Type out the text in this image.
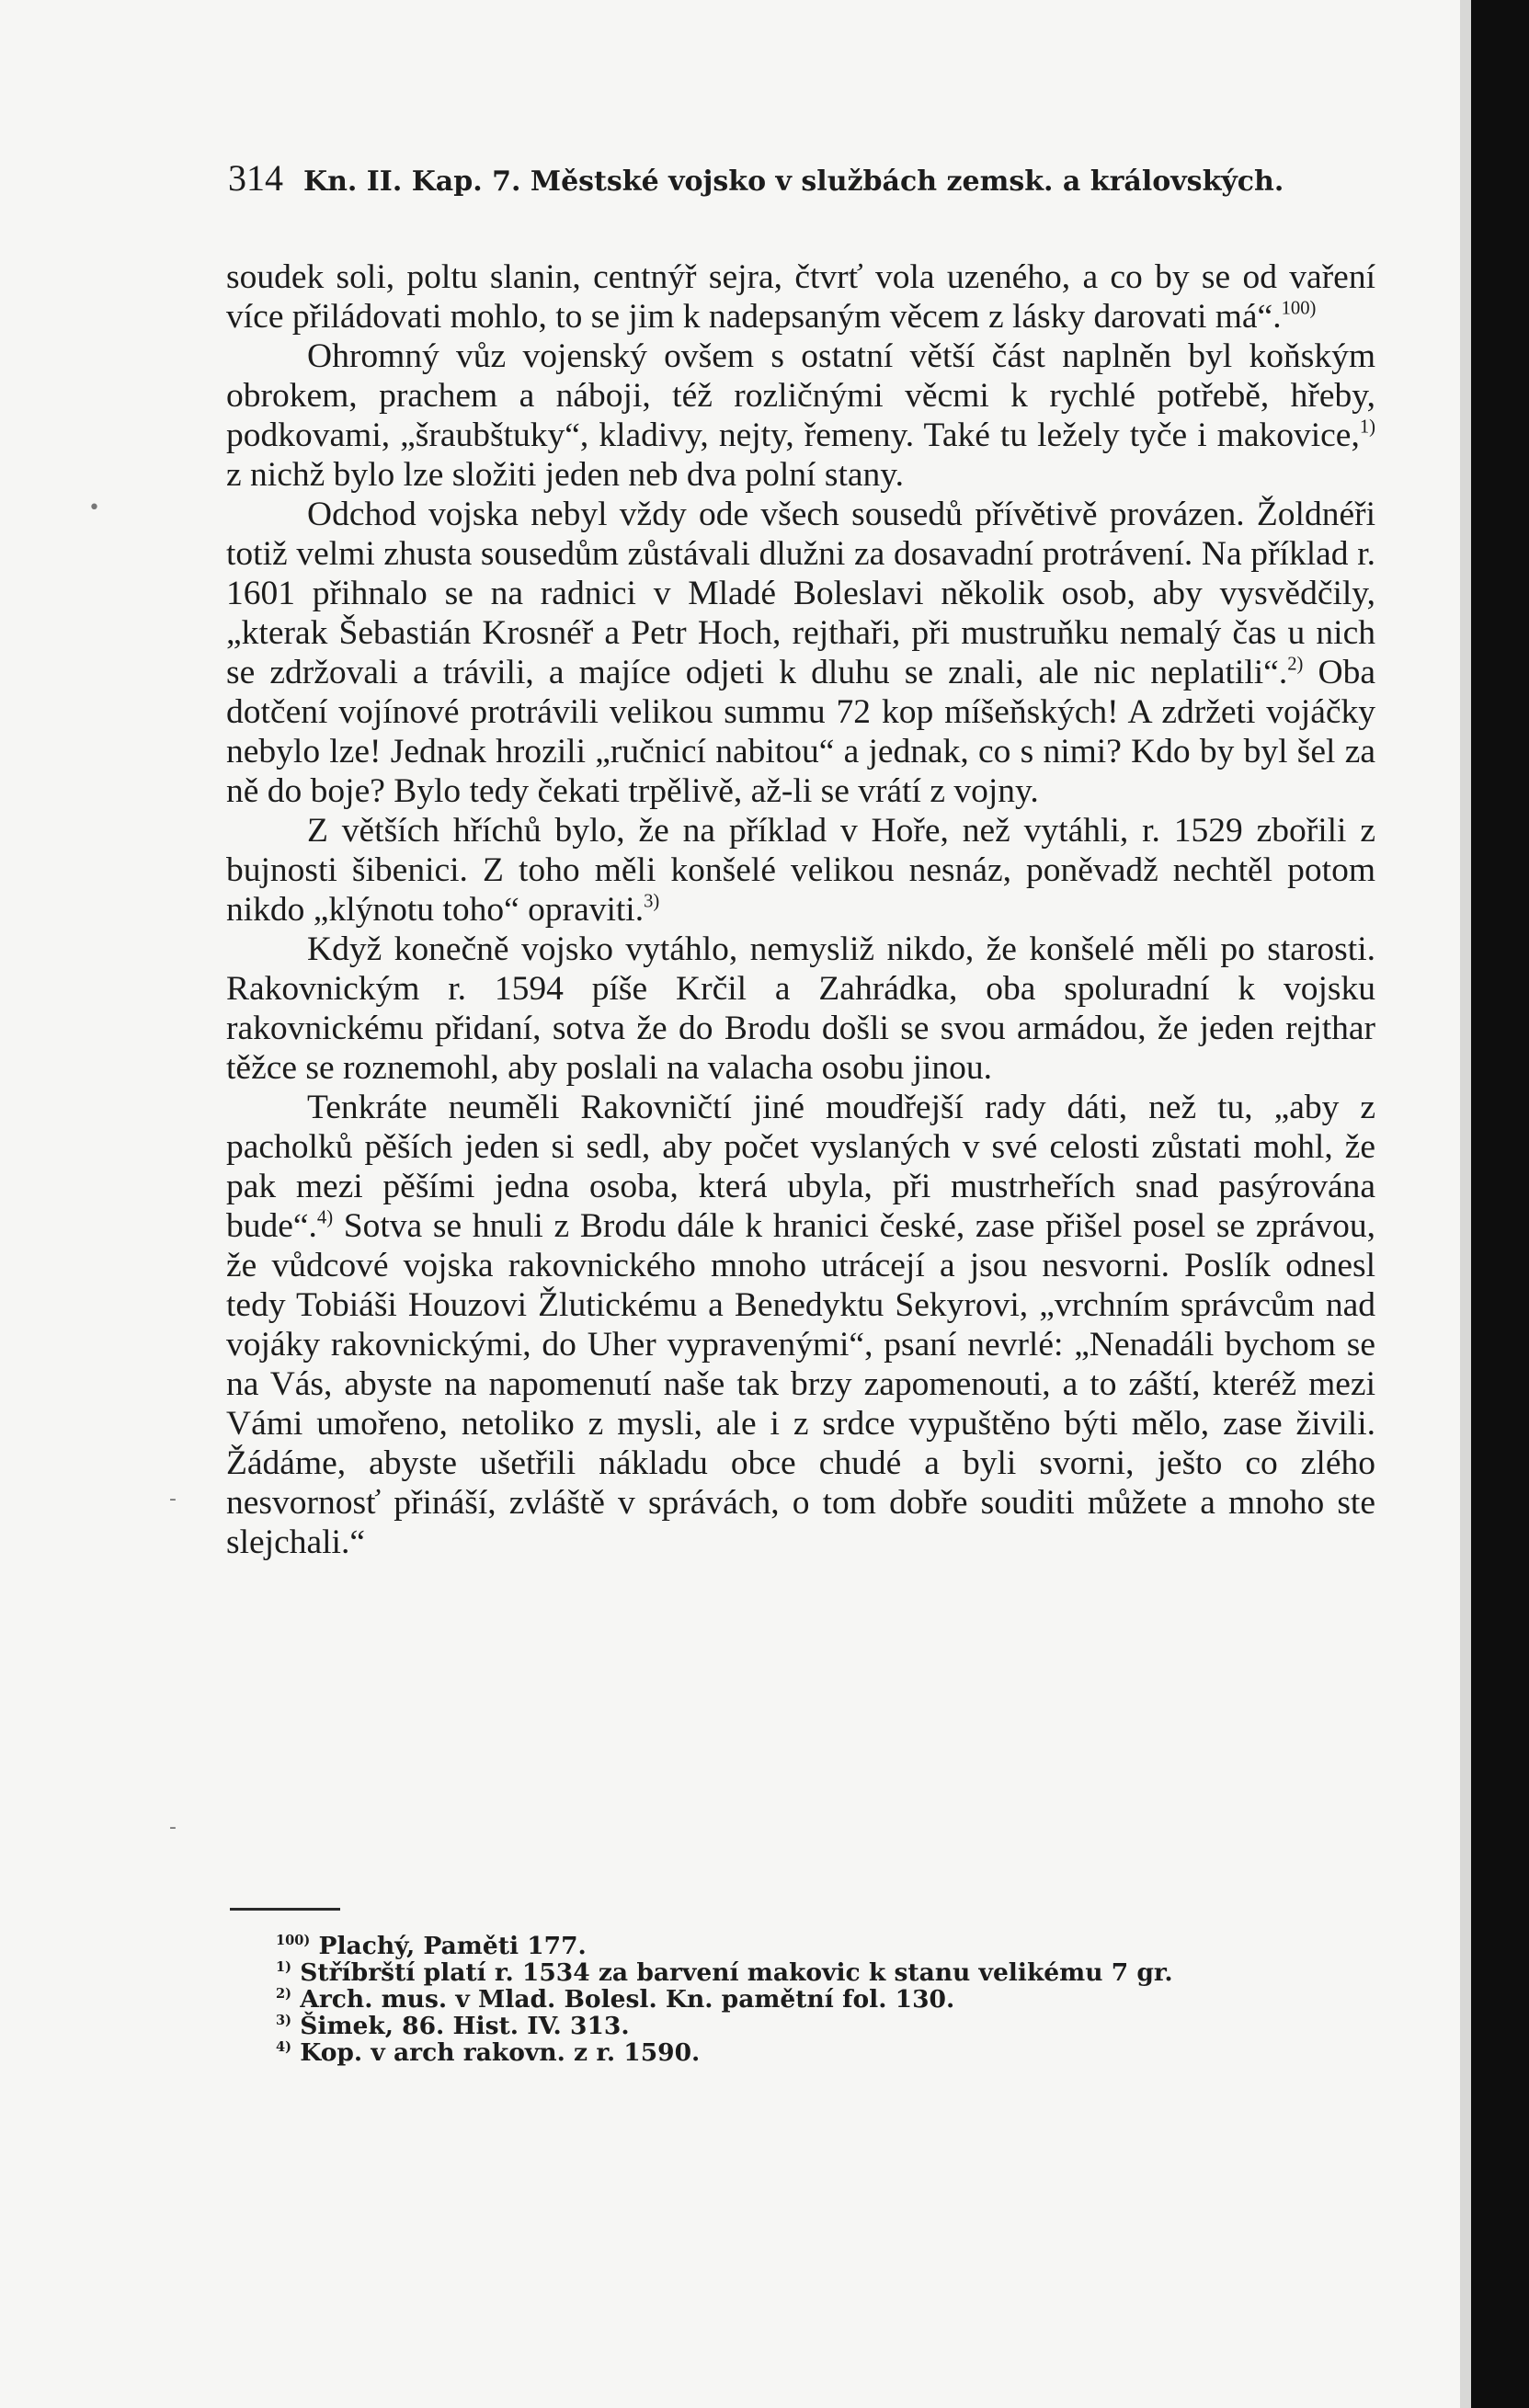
314 Kn. II. Kap. 7. Městské vojsko v službách zemsk. a královských.

soudek soli, poltu slanin, centnýř sejra, čtvrť vola uzeného, a co by se od vaření více přiládovati mohlo, to se jim k nadepsaným věcem z lásky darovati má“.$^{100)}$

Ohromný vůz vojenský ovšem s ostatní větší část naplněn byl koňským obrokem, prachem a náboji, též rozličnými věcmi k rychlé potřebě, hřeby, podkovami, „šraubštuky“, kladivy, nejty, řemeny. Také tu ležely tyče i makovice,$^{1)}$ z nichž bylo lze složiti jeden neb dva polní stany.

Odchod vojska nebyl vždy ode všech sousedů přívětivě provázen. Žoldnéři totiž velmi zhusta sousedům zůstávali dlužni za dosavadní protrávení. Na příklad r. 1601 přihnalo se na radnici v Mladé Boleslavi několik osob, aby vysvědčily, „kterak Šebastián Krosnéř a Petr Hoch, rejthaři, při mustruňku nemalý čas u nich se zdržovali a trávili, a majíce odjeti k dluhu se znali, ale nic neplatili“.$^{2)}$ Oba dotčení vojínové protrávili velikou summu 72 kop míšeňských! A zdržeti vojáčky nebylo lze! Jednak hrozili „ručnicí nabitou“ a jednak, co s nimi? Kdo by byl šel za ně do boje? Bylo tedy čekati trpělivě, až-li se vrátí z vojny.

Z větších hříchů bylo, že na příklad v Hoře, než vytáhli, r. 1529 zbořili z bujnosti šibenici. Z toho měli konšelé velikou nesnáz, poněvadž nechtěl potom nikdo „klýnotu toho“ opraviti.$^{3)}$

Když konečně vojsko vytáhlo, nemysliž nikdo, že konšelé měli po starosti. Rakovnickým r. 1594 píše Krčil a Zahrádka, oba spoluradní k vojsku rakovnickému přidaní, sotva že do Brodu došli se svou armádou, že jeden rejthar těžce se roznemohl, aby poslali na valacha osobu jinou.

Tenkráte neuměli Rakovničtí jiné moudřejší rady dáti, než tu, „aby z pacholků pěších jeden si sedl, aby počet vyslaných v své celosti zůstati mohl, že pak mezi pěšími jedna osoba, která ubyla, při mustrheřích snad pasýrována bude“.$^{4)}$ Sotva se hnuli z Brodu dále k hranici české, zase přišel posel se zprávou, že vůdcové vojska rakovnického mnoho utrácejí a jsou nesvorni. Poslík odnesl tedy Tobiáši Houzovi Žlutickému a Benedyktu Sekyrovi, „vrchním správcům nad vojáky rakovnickými, do Uher vypravenými“, psaní nevrlé: „Nenadáli bychom se na Vás, abyste na napomenutí naše tak brzy zapomenouti, a to záští, kteréž mezi Vámi umořeno, netoliko z mysli, ale i z srdce vypuštěno býti mělo, zase živili. Žádáme, abyste ušetřili nákladu obce chudé a byli svorni, ješto co zlého nesvornosť přináší, zvláště v správách, o tom dobře souditi můžete a mnoho ste slejchali.“

$^{100)}$ Plachý, Paměti 177.
$^{1)}$ Stříbrští platí r. 1534 za barvení makovic k stanu velikému 7 gr.
$^{2)}$ Arch. mus. v Mlad. Bolesl. Kn. pamětní fol. 130.
$^{3)}$ Šimek, 86. Hist. IV. 313.
$^{4)}$ Kop. v arch rakovn. z r. 1590.
•
-
-
